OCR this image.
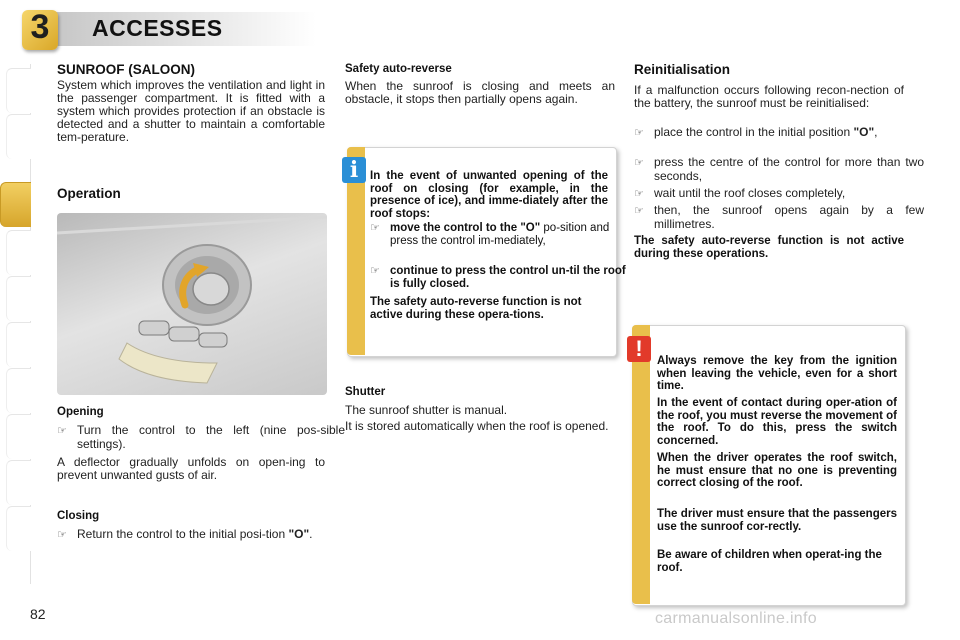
3	ACCESSES
SUNROOF (SALOON)
System which improves the ventilation and light in the passenger compartment. It is fitted with a system which provides protection if an obstacle is detected and a shutter to maintain a comfortable tem-perature.
Operation
Opening
☞ Turn the control to the left (nine pos-sible settings).
A deflector gradually unfolds on open-ing to prevent unwanted gusts of air.
Closing
☞ Return the control to the initial posi-tion "O".
Safety auto-reverse
When the sunroof is closing and meets an obstacle, it stops then partially opens again.
i	In the event of unwanted opening of the roof on closing (for example, in the presence of ice), and imme-diately after the roof stops:
☞ move the control to the "O" po-sition and press the control im-mediately,
☞ continue to press the control un-til the roof is fully closed.
The safety auto-reverse function is not active during these opera-tions.
Shutter
The sunroof shutter is manual.
It is stored automatically when the roof is opened.
Reinitialisation
If a malfunction occurs following recon-nection of the battery, the sunroof must be reinitialised:
☞ place the control in the initial position "O",
☞ press the centre of the control for more than two seconds,
☞ wait until the roof closes completely,
☞ then, the sunroof opens again by a few millimetres.
The safety auto-reverse function is not active during these operations.
!	Always remove the key from the ignition when leaving the vehicle, even for a short time.
In the event of contact during oper-ation of the roof, you must reverse the movement of the roof. To do this, press the switch concerned.
When the driver operates the roof switch, he must ensure that no one is preventing correct closing of the roof.
The driver must ensure that the passengers use the sunroof cor-rectly.
Be aware of children when operat-ing the roof.
82	carmanualsonline.info
